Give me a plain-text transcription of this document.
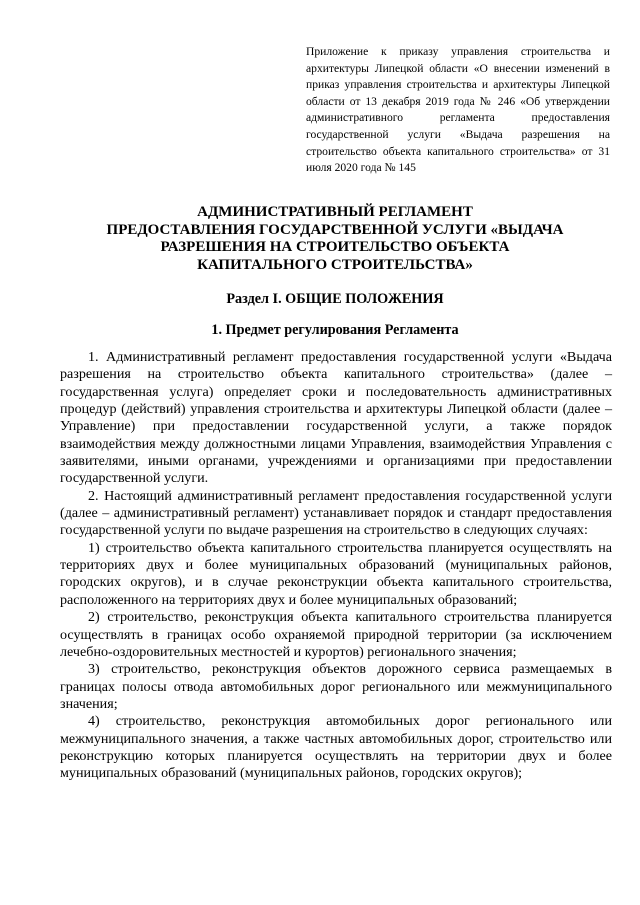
Приложение к приказу управления строительства и архитектуры Липецкой области «О внесении изменений в приказ управления строительства и архитектуры Липецкой области от 13 декабря 2019 года № 246 «Об утверждении административного регламента предоставления государственной услуги «Выдача разрешения на строительство объекта капитального строительства» от 31 июля 2020 года № 145
АДМИНИСТРАТИВНЫЙ РЕГЛАМЕНТ
ПРЕДОСТАВЛЕНИЯ ГОСУДАРСТВЕННОЙ УСЛУГИ «ВЫДАЧА
РАЗРЕШЕНИЯ НА СТРОИТЕЛЬСТВО ОБЪЕКТА
КАПИТАЛЬНОГО СТРОИТЕЛЬСТВА»
Раздел I. ОБЩИЕ ПОЛОЖЕНИЯ
1. Предмет регулирования Регламента

1. Административный регламент предоставления государственной услуги «Выдача разрешения на строительство объекта капитального строительства» (далее – государственная услуга) определяет сроки и последовательность административных процедур (действий) управления строительства и архитектуры Липецкой области (далее – Управление) при предоставлении государственной услуги, а также порядок взаимодействия между должностными лицами Управления, взаимодействия Управления с заявителями, иными органами, учреждениями и организациями при предоставлении государственной услуги.

2. Настоящий административный регламент предоставления государственной услуги (далее – административный регламент) устанавливает порядок и стандарт предоставления государственной услуги по выдаче разрешения на строительство в следующих случаях:

1) строительство объекта капитального строительства планируется осуществлять на территориях двух и более муниципальных образований (муниципальных районов, городских округов), и в случае реконструкции объекта капитального строительства, расположенного на территориях двух и более муниципальных образований;

2) строительство, реконструкция объекта капитального строительства планируется осуществлять в границах особо охраняемой природной территории (за исключением лечебно-оздоровительных местностей и курортов) регионального значения;

3) строительство, реконструкция объектов дорожного сервиса размещаемых в границах полосы отвода автомобильных дорог регионального или межмуниципального значения;

4) строительство, реконструкция автомобильных дорог регионального или межмуниципального значения, а также частных автомобильных дорог, строительство или реконструкцию которых планируется осуществлять на территории двух и более муниципальных образований (муниципальных районов, городских округов);
